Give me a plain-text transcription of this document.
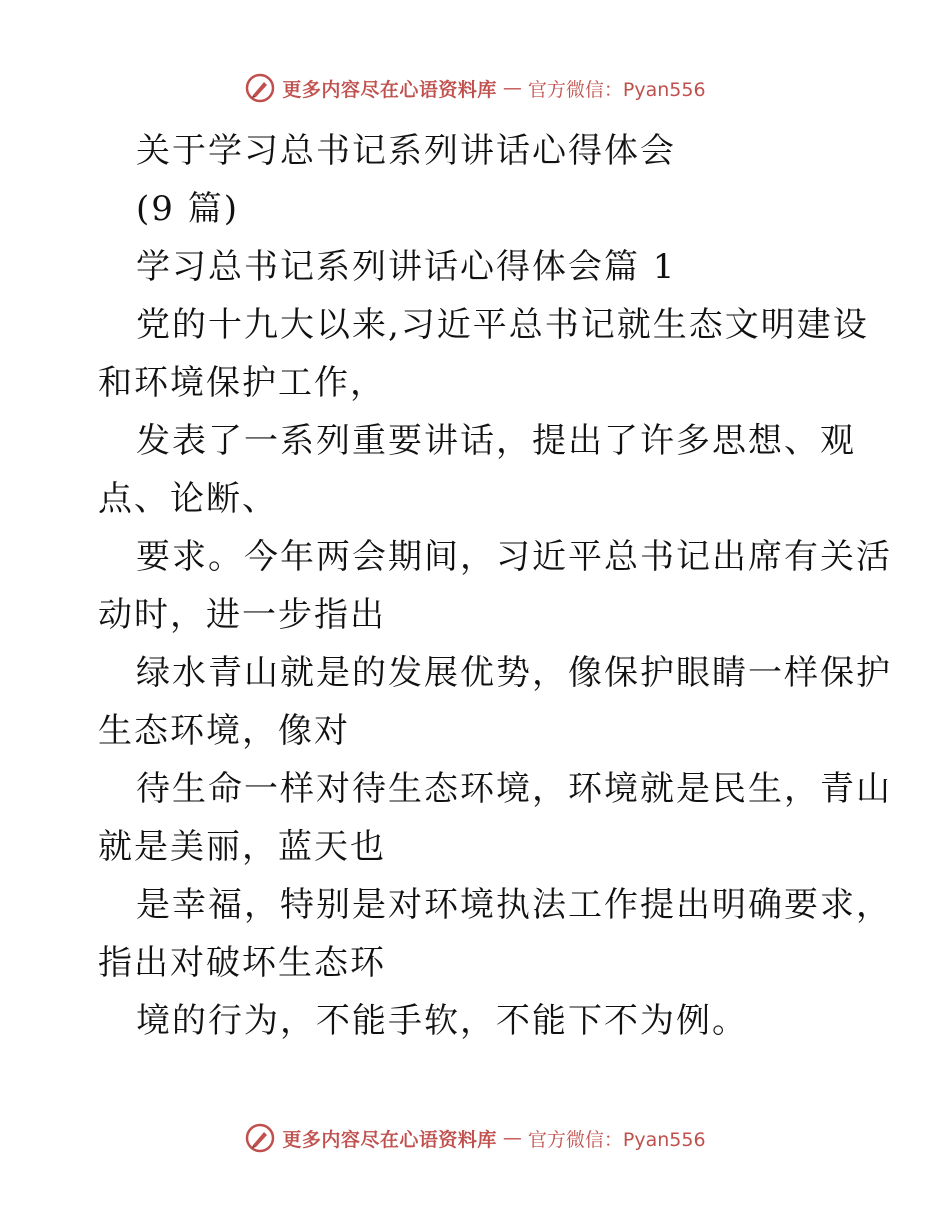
更多内容尽在心语资料库 — 官方微信：Pyan556
关于学习总书记系列讲话心得体会
(9 篇)
学习总书记系列讲话心得体会篇 1
党的十九大以来,习近平总书记就生态文明建设
和环境保护工作，
发表了一系列重要讲话，提出了许多思想、观
点、论断、
要求。今年两会期间，习近平总书记出席有关活
动时，进一步指出
绿水青山就是的发展优势，像保护眼睛一样保护
生态环境，像对
待生命一样对待生态环境，环境就是民生，青山
就是美丽，蓝天也
是幸福，特别是对环境执法工作提出明确要求，
指出对破坏生态环
境的行为，不能手软，不能下不为例。
更多内容尽在心语资料库 — 官方微信：Pyan556
